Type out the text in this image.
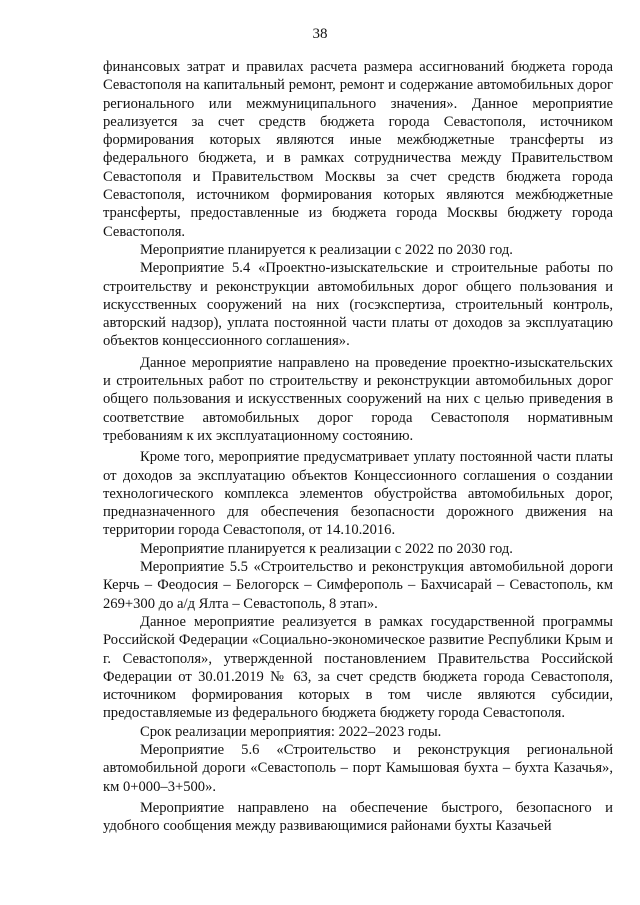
38

финансовых затрат и правилах расчета размера ассигнований бюджета города Севастополя на капитальный ремонт, ремонт и содержание автомобильных дорог регионального или межмуниципального значения». Данное мероприятие реализуется за счет средств бюджета города Севастополя, источником формирования которых являются иные межбюджетные трансферты из федерального бюджета, и в рамках сотрудничества между Правительством Севастополя и Правительством Москвы за счет средств бюджета города Севастополя, источником формирования которых являются межбюджетные трансферты, предоставленные из бюджета города Москвы бюджету города Севастополя.

Мероприятие планируется к реализации с 2022 по 2030 год.

Мероприятие 5.4 «Проектно-изыскательские и строительные работы по строительству и реконструкции автомобильных дорог общего пользования и искусственных сооружений на них (госэкспертиза, строительный контроль, авторский надзор), уплата постоянной части платы от доходов за эксплуатацию объектов концессионного соглашения».

Данное мероприятие направлено на проведение проектно-изыскательских и строительных работ по строительству и реконструкции автомобильных дорог общего пользования и искусственных сооружений на них с целью приведения в соответствие автомобильных дорог города Севастополя нормативным требованиям к их эксплуатационному состоянию.

Кроме того, мероприятие предусматривает уплату постоянной части платы от доходов за эксплуатацию объектов Концессионного соглашения о создании технологического комплекса элементов обустройства автомобильных дорог, предназначенного для обеспечения безопасности дорожного движения на территории города Севастополя, от 14.10.2016.

Мероприятие планируется к реализации с 2022 по 2030 год.

Мероприятие 5.5 «Строительство и реконструкция автомобильной дороги Керчь – Феодосия – Белогорск – Симферополь – Бахчисарай – Севастополь, км 269+300 до а/д Ялта – Севастополь, 8 этап».

Данное мероприятие реализуется в рамках государственной программы Российской Федерации «Социально-экономическое развитие Республики Крым и г. Севастополя», утвержденной постановлением Правительства Российской Федерации от 30.01.2019 № 63, за счет средств бюджета города Севастополя, источником формирования которых в том числе являются субсидии, предоставляемые из федерального бюджета бюджету города Севастополя.

Срок реализации мероприятия: 2022–2023 годы.

Мероприятие 5.6 «Строительство и реконструкция региональной автомобильной дороги «Севастополь – порт Камышовая бухта – бухта Казачья», км 0+000–3+500».

Мероприятие направлено на обеспечение быстрого, безопасного и удобного сообщения между развивающимися районами бухты Казачьей
